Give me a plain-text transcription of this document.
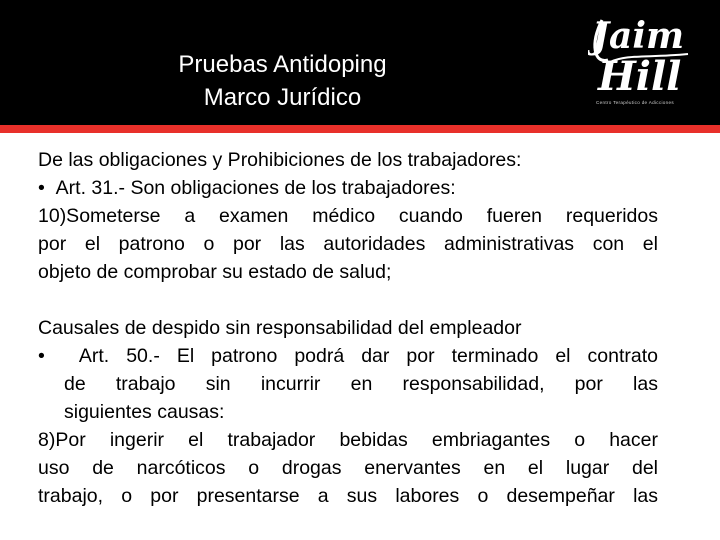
Pruebas Antidoping
Marco Jurídico
Jaim
Hill
Centro Terapéutico de Adicciones
De las obligaciones y Prohibiciones de los trabajadores:
• Art. 31.- Son obligaciones de los trabajadores:
10)Someterse a examen médico cuando fueren requeridos
por el patrono o por las autoridades administrativas con el
objeto de comprobar su estado de salud;
Causales de despido sin responsabilidad del empleador
• Art. 50.- El patrono podrá dar por terminado el contrato
de trabajo sin incurrir en responsabilidad, por las
siguientes causas:
8)Por ingerir el trabajador bebidas embriagantes o hacer
uso de narcóticos o drogas enervantes en el lugar del
trabajo, o por presentarse a sus labores o desempeñar las
